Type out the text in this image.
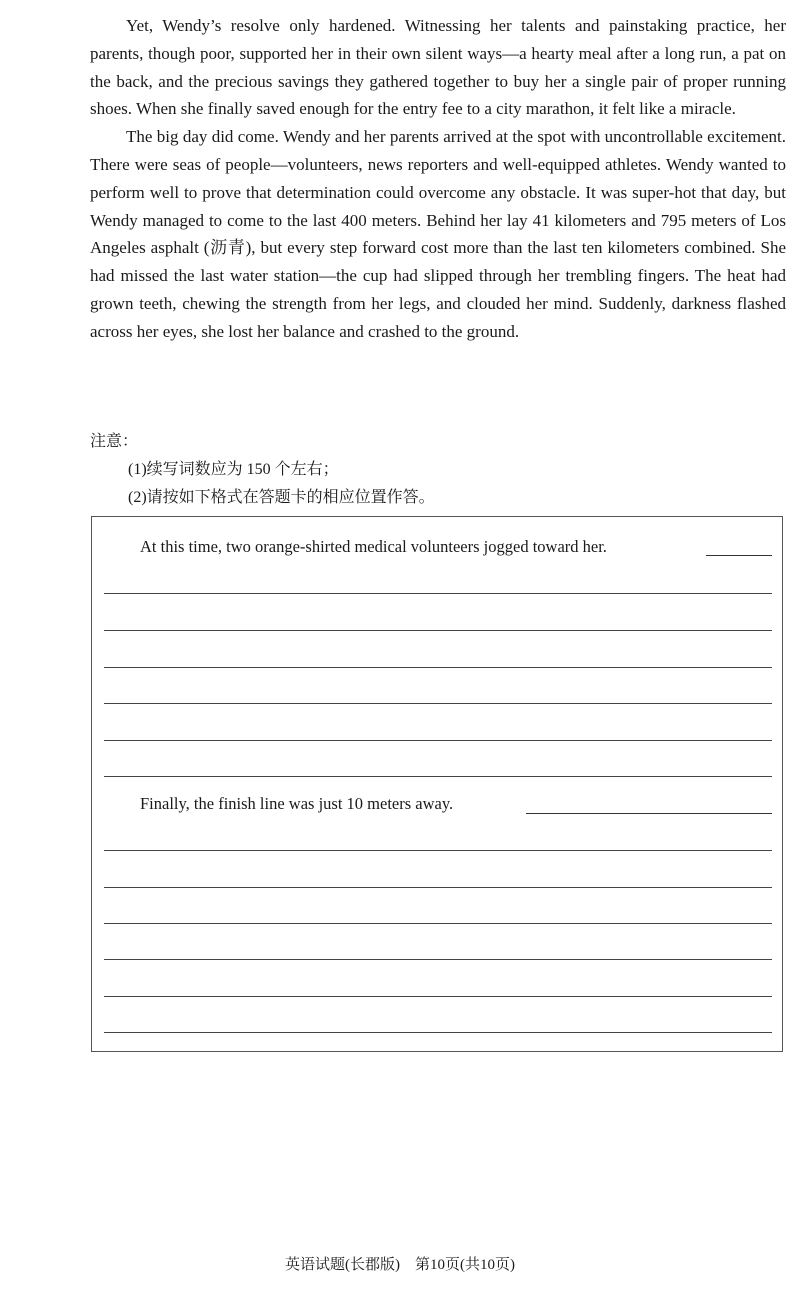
Yet, Wendy’s resolve only hardened. Witnessing her talents and painstaking practice, her parents, though poor, supported her in their own silent ways—a hearty meal after a long run, a pat on the back, and the precious savings they gathered together to buy her a single pair of proper running shoes. When she finally saved enough for the entry fee to a city marathon, it felt like a miracle.

The big day did come. Wendy and her parents arrived at the spot with uncontrollable excitement. There were seas of people—volunteers, news reporters and well-equipped athletes. Wendy wanted to perform well to prove that determination could overcome any obstacle. It was super-hot that day, but Wendy managed to come to the last 400 meters. Behind her lay 41 kilometers and 795 meters of Los Angeles asphalt (沥青), but every step forward cost more than the last ten kilometers combined. She had missed the last water station—the cup had slipped through her trembling fingers. The heat had grown teeth, chewing the strength from her legs, and clouded her mind. Suddenly, darkness flashed across her eyes, she lost her balance and crashed to the ground.

注意：
(1)续写词数应为 150 个左右；
(2)请按如下格式在答题卡的相应位置作答。
At this time, two orange-shirted medical volunteers jogged toward her.
Finally, the finish line was just 10 meters away.
英语试题(长郡版)　第10页(共10页)
